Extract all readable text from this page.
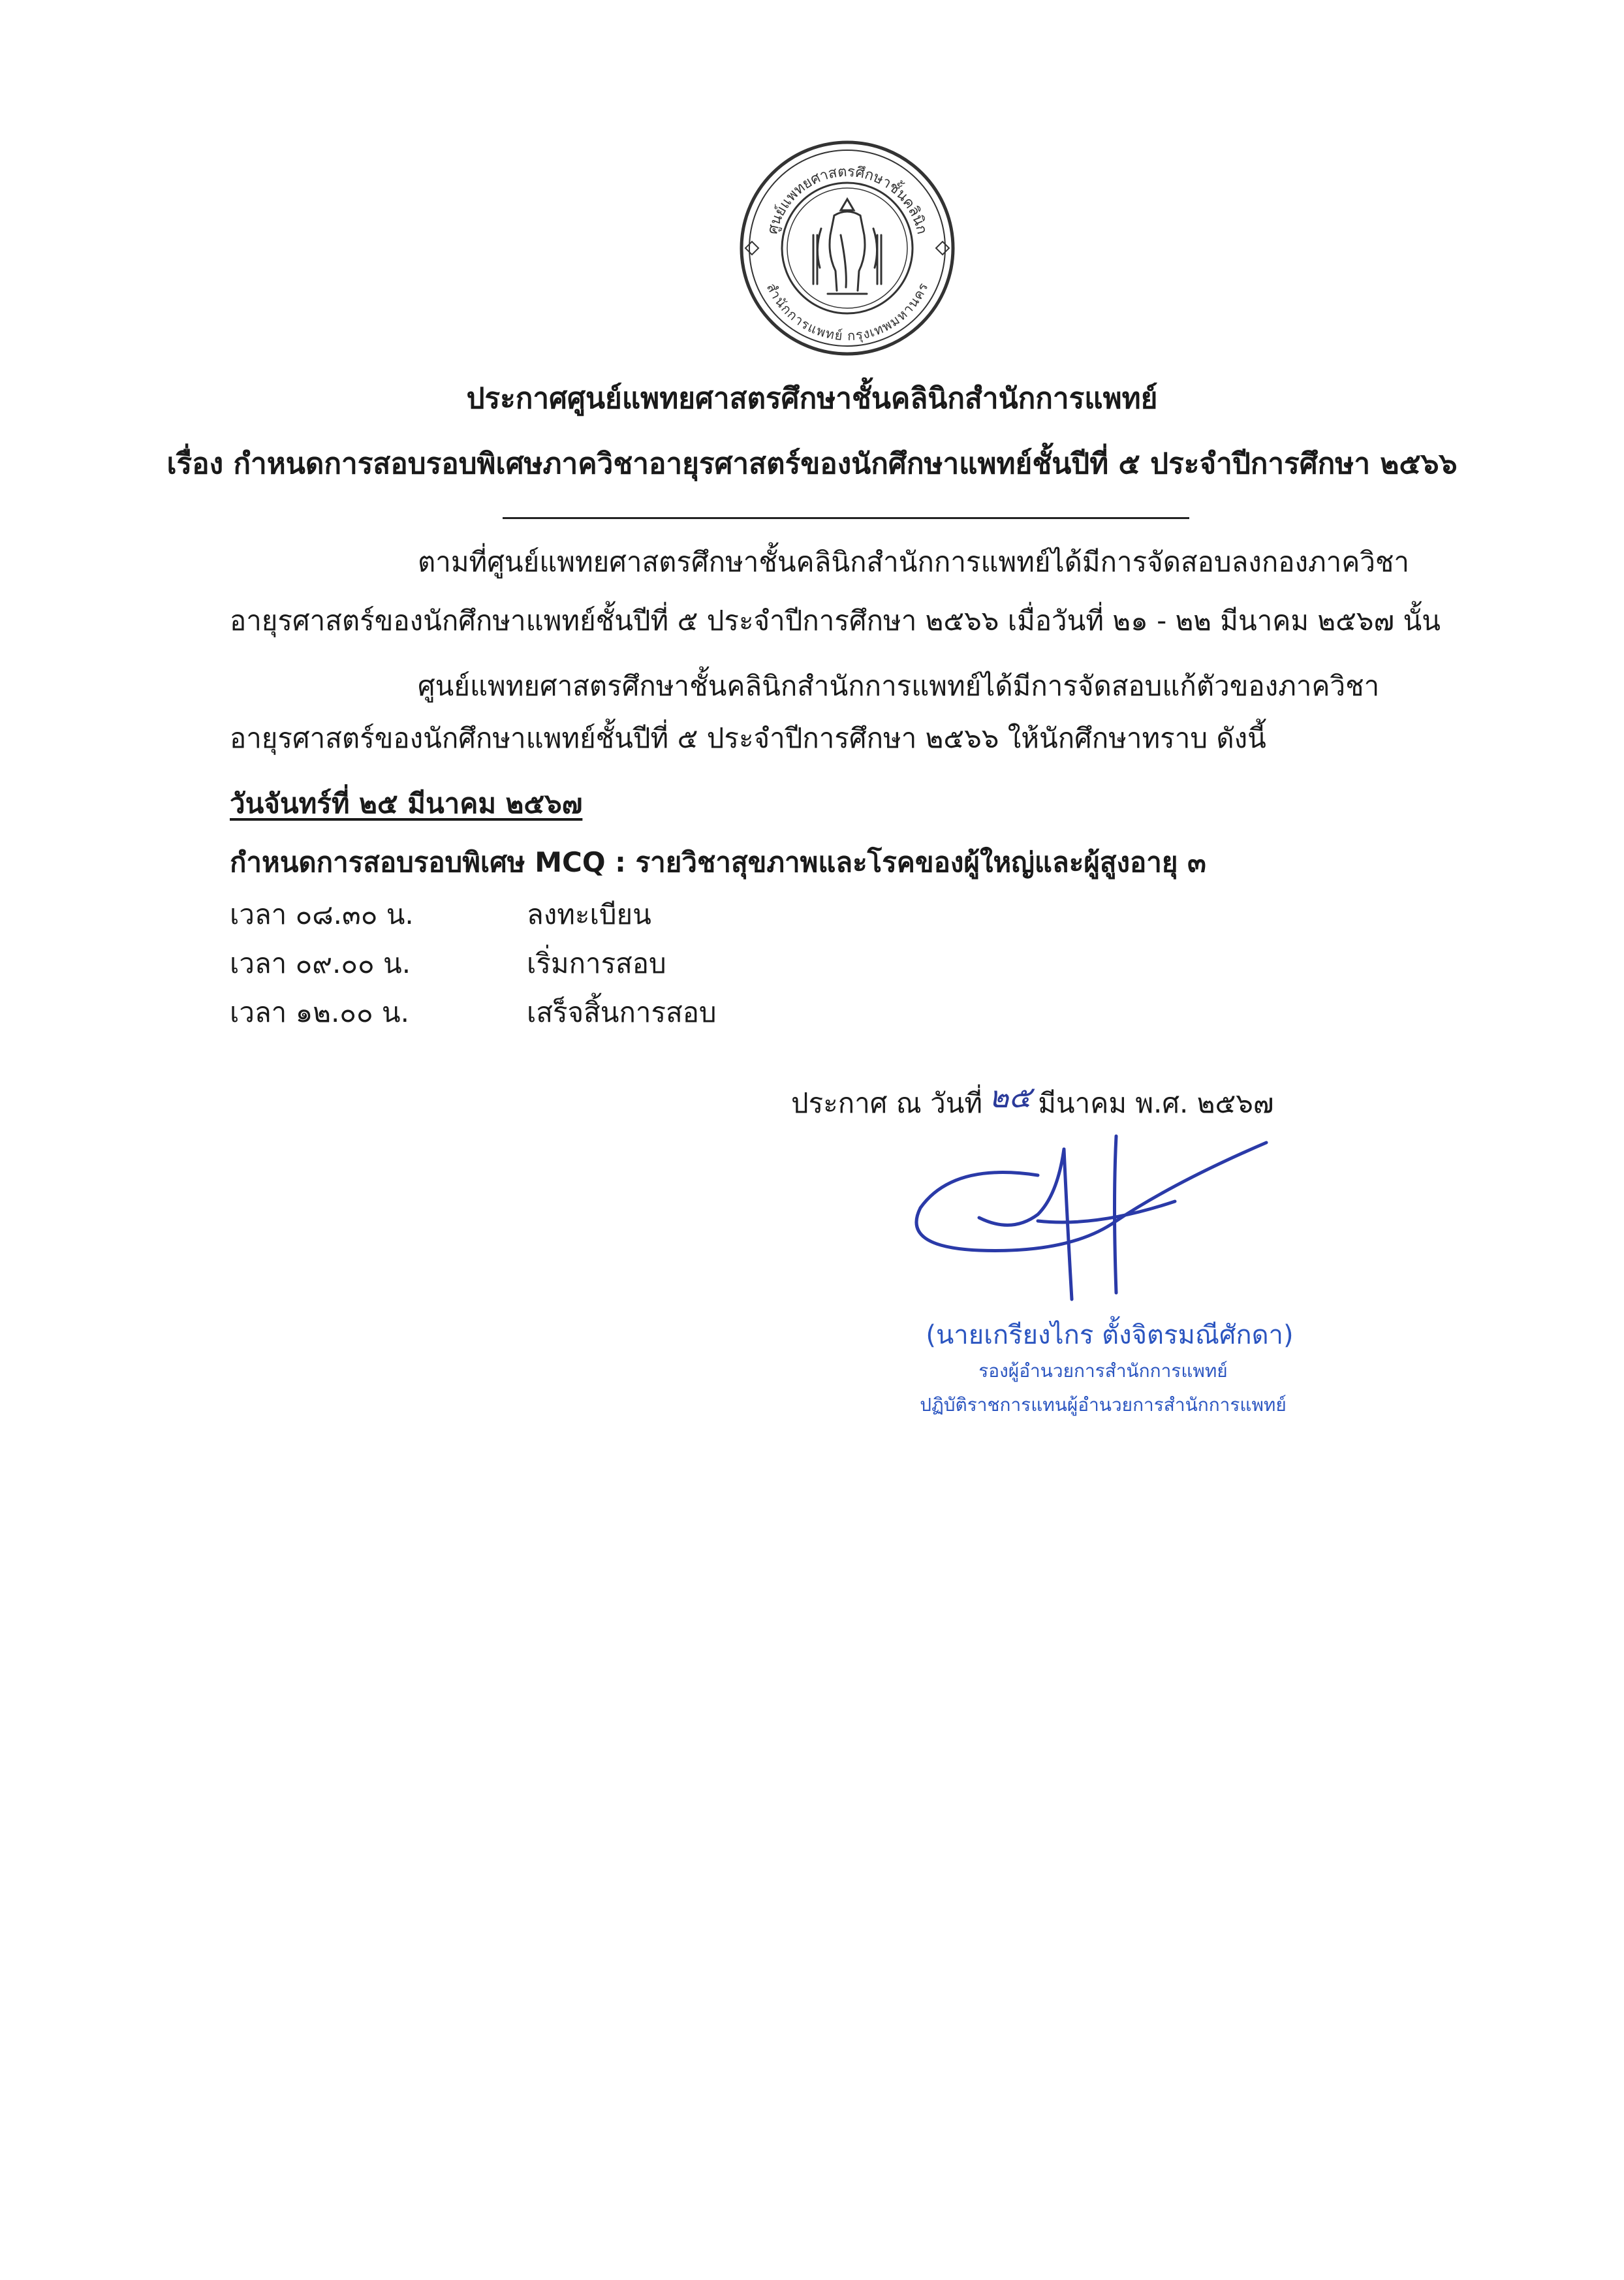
ศูนย์แพทยศาสตรศึกษาชั้นคลินิก
สำนักการแพทย์ กรุงเทพมหานคร
ประกาศศูนย์แพทยศาสตรศึกษาชั้นคลินิกสำนักการแพทย์
เรื่อง กำหนดการสอบรอบพิเศษภาควิชาอายุรศาสตร์ของนักศึกษาแพทย์ชั้นปีที่ ๕ ประจำปีการศึกษา ๒๕๖๖
ตามที่ศูนย์แพทยศาสตรศึกษาชั้นคลินิกสำนักการแพทย์ได้มีการจัดสอบลงกองภาควิชา
อายุรศาสตร์ของนักศึกษาแพทย์ชั้นปีที่ ๕ ประจำปีการศึกษา ๒๕๖๖ เมื่อวันที่ ๒๑ - ๒๒ มีนาคม ๒๕๖๗ นั้น
ศูนย์แพทยศาสตรศึกษาชั้นคลินิกสำนักการแพทย์ได้มีการจัดสอบแก้ตัวของภาควิชา
อายุรศาสตร์ของนักศึกษาแพทย์ชั้นปีที่ ๕ ประจำปีการศึกษา ๒๕๖๖ ให้นักศึกษาทราบ ดังนี้
วันจันทร์ที่ ๒๕ มีนาคม ๒๕๖๗
กำหนดการสอบรอบพิเศษ MCQ : รายวิชาสุขภาพและโรคของผู้ใหญ่และผู้สูงอายุ ๓
เวลา ๐๘.๓๐ น.	ลงทะเบียน
เวลา ๐๙.๐๐ น.	เริ่มการสอบ
เวลา ๑๒.๐๐ น.	เสร็จสิ้นการสอบ
ประกาศ ณ วันที่ ๒๕ มีนาคม พ.ศ. ๒๕๖๗
(นายเกรียงไกร ตั้งจิตรมณีศักดา)
รองผู้อำนวยการสำนักการแพทย์
ปฏิบัติราชการแทนผู้อำนวยการสำนักการแพทย์
